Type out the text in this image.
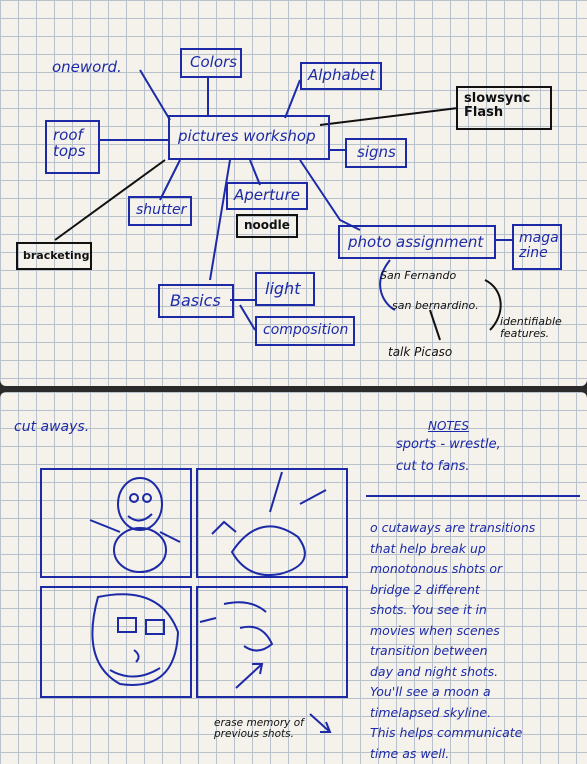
oneword.	Colors
Alphabet
slowsync Flash
roof tops
pictures workshop
signs
shutter
Aperture
noodle
bracketing
photo assignment	maga zine
Basics
light
composition
San Fernando
san bernardino.
identifiable features.
talk Picaso
cut aways.	NOTES
sports - wrestle,
cut to fans.
o cutaways are transitions
that help break up
monotonous shots or
bridge 2 different
shots. You see it in
movies when scenes
transition between
day and night shots.
You'll see a moon a
timelapsed skyline.
This helps communicate
time as well.
erase memory of previous shots.
